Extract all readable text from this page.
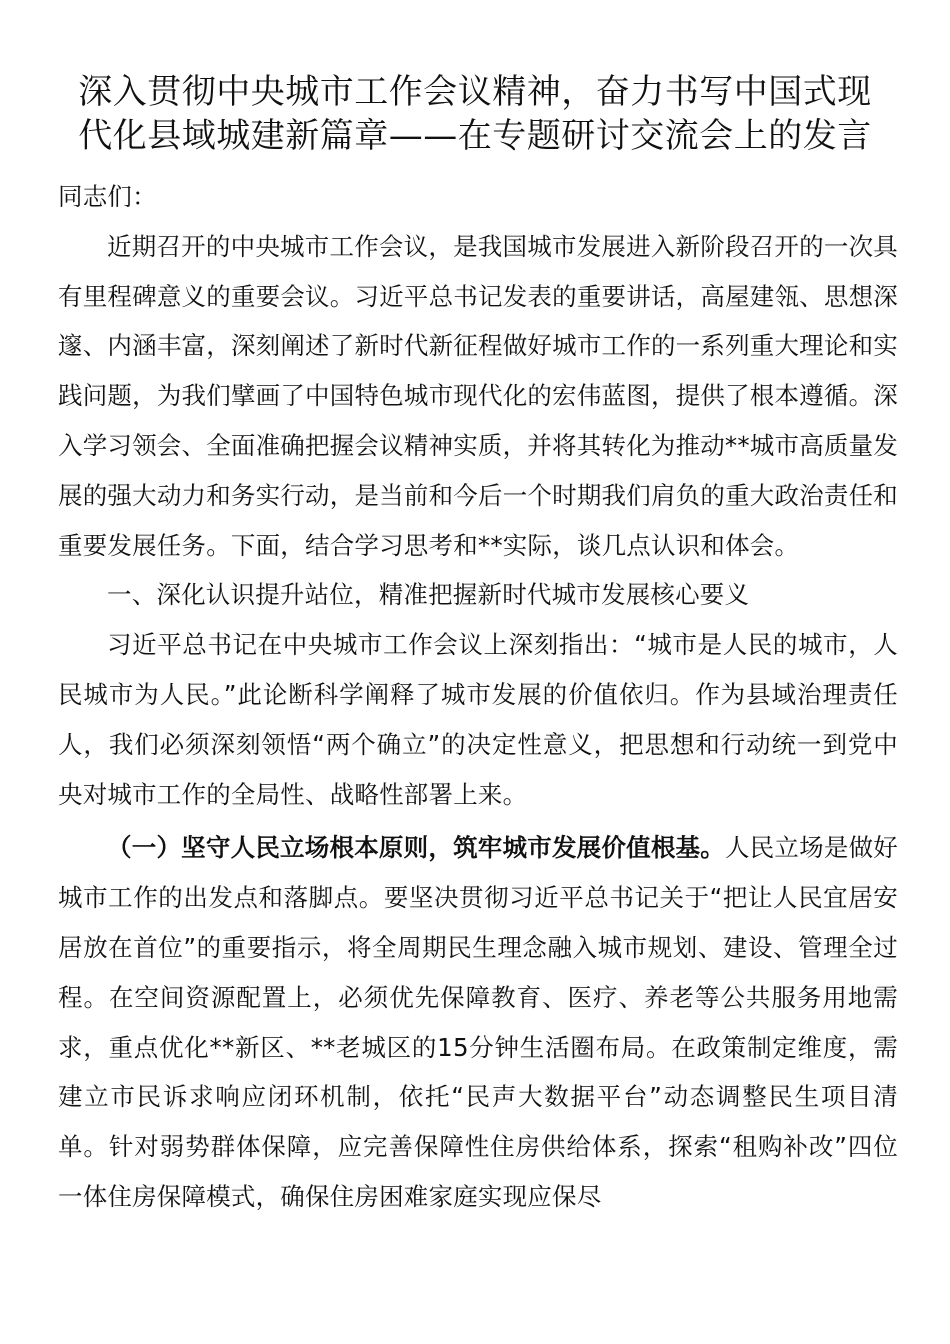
深入贯彻中央城市工作会议精神，奋力书写中国式现
代化县域城建新篇章——在专题研讨交流会上的发言

同志们：

近期召开的中央城市工作会议，是我国城市发展进入新阶段召开的一次具有里程碑意义的重要会议。习近平总书记发表的重要讲话，高屋建瓴、思想深邃、内涵丰富，深刻阐述了新时代新征程做好城市工作的一系列重大理论和实践问题，为我们擘画了中国特色城市现代化的宏伟蓝图，提供了根本遵循。深入学习领会、全面准确把握会议精神实质，并将其转化为推动**城市高质量发展的强大动力和务实行动，是当前和今后一个时期我们肩负的重大政治责任和重要发展任务。下面，结合学习思考和**实际，谈几点认识和体会。

一、深化认识提升站位，精准把握新时代城市发展核心要义

习近平总书记在中央城市工作会议上深刻指出：“城市是人民的城市，人民城市为人民。”此论断科学阐释了城市发展的价值依归。作为县域治理责任人，我们必须深刻领悟“两个确立”的决定性意义，把思想和行动统一到党中央对城市工作的全局性、战略性部署上来。

（一）坚守人民立场根本原则，筑牢城市发展价值根基。人民立场是做好城市工作的出发点和落脚点。要坚决贯彻习近平总书记关于“把让人民宜居安居放在首位”的重要指示，将全周期民生理念融入城市规划、建设、管理全过程。在空间资源配置上，必须优先保障教育、医疗、养老等公共服务用地需求，重点优化**新区、**老城区的15分钟生活圈布局。在政策制定维度，需建立市民诉求响应闭环机制，依托“民声大数据平台”动态调整民生项目清单。针对弱势群体保障，应完善保障性住房供给体系，探索“租购补改”四位一体住房保障模式，确保住房困难家庭实现应保尽
